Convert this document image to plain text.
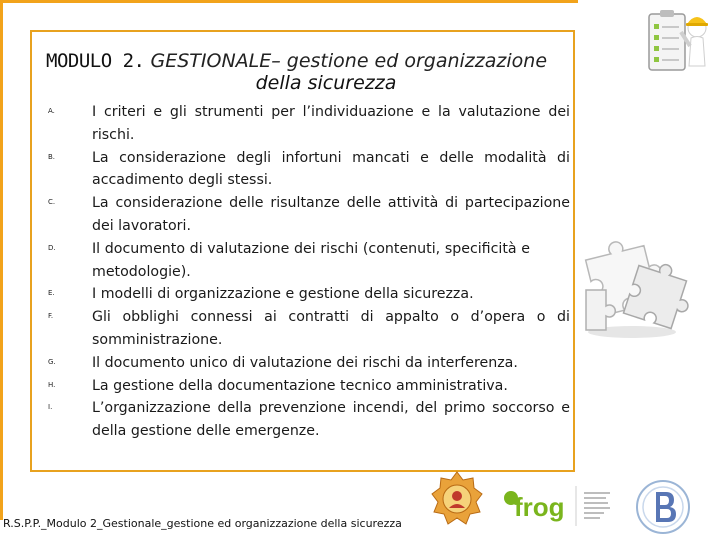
MODULO 2. GESTIONALE– gestione ed organizzazione
della sicurezza
A.	I criteri e gli strumenti per l’individuazione e la valutazione dei rischi.
B.	La considerazione degli infortuni mancati e delle modalità di accadimento degli stessi.
C.	La considerazione delle risultanze delle attività di partecipazione dei lavoratori.
D.	Il documento di valutazione dei rischi (contenuti, specificità e metodologie).
E.	I modelli di organizzazione e gestione della sicurezza.
F.	Gli obblighi connessi ai contratti di appalto o d’opera o di somministrazione.
G.	Il documento unico di valutazione dei rischi da interferenza.
H.	La gestione della documentazione tecnico amministrativa.
I.	L’organizzazione della prevenzione incendi, del primo soccorso e della gestione delle emergenze.
frog
R.S.P.P._Modulo 2_Gestionale_gestione ed organizzazione della sicurezza
